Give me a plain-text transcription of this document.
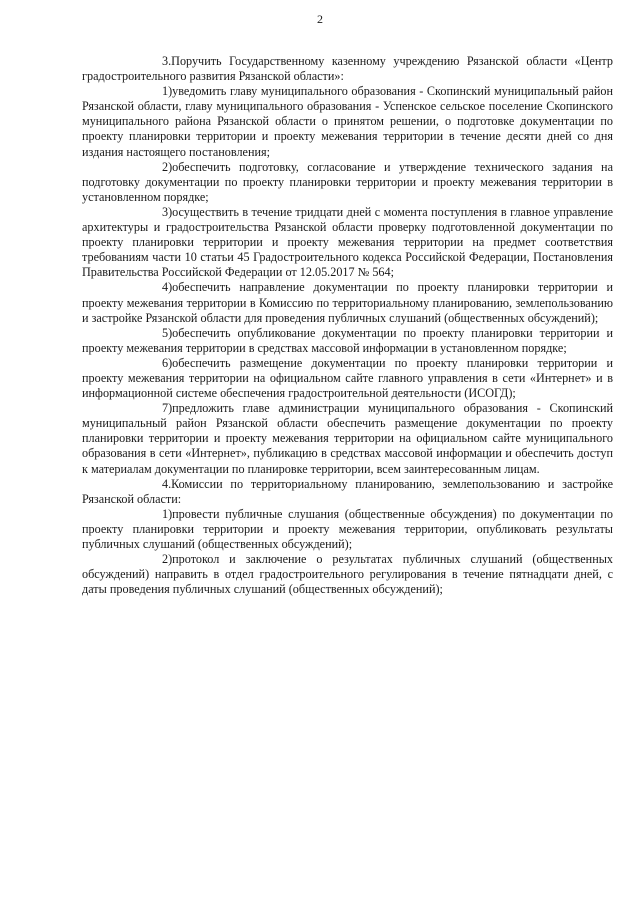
2

3.Поручить Государственному казенному учреждению Рязанской области «Центр градостроительного развития Рязанской области»:

1)уведомить главу муниципального образования - Скопинский муниципальный район Рязанской области, главу муниципального образования - Успенское сельское поселение Скопинского муниципального района Рязанской области о принятом решении, о подготовке документации по проекту планировки территории и проекту межевания территории в течение десяти дней со дня издания настоящего постановления;

2)обеспечить подготовку, согласование и утверждение технического задания на подготовку документации по проекту планировки территории и проекту межевания территории в установленном порядке;

3)осуществить в течение тридцати дней с момента поступления в главное управление архитектуры и градостроительства Рязанской области проверку подготовленной документации по проекту планировки территории и проекту межевания территории на предмет соответствия требованиям части 10 статьи 45 Градостроительного кодекса Российской Федерации, Постановления Правительства Российской Федерации от 12.05.2017 № 564;

4)обеспечить направление документации по проекту планировки территории и проекту межевания территории в Комиссию по территориальному планированию, землепользованию и застройке Рязанской области для проведения публичных слушаний (общественных обсуждений);

5)обеспечить опубликование документации по проекту планировки территории и проекту межевания территории в средствах массовой информации в установленном порядке;

6)обеспечить размещение документации по проекту планировки территории и проекту межевания территории на официальном сайте главного управления в сети «Интернет» и в информационной системе обеспечения градостроительной деятельности (ИСОГД);

7)предложить главе администрации муниципального образования - Скопинский муниципальный район Рязанской области обеспечить размещение документации по проекту планировки территории и проекту межевания территории на официальном сайте муниципального образования в сети «Интернет», публикацию в средствах массовой информации и обеспечить доступ к материалам документации по планировке территории, всем заинтересованным лицам.

4.Комиссии по территориальному планированию, землепользованию и застройке Рязанской области:

1)провести публичные слушания (общественные обсуждения) по документации по проекту планировки территории и проекту межевания территории, опубликовать результаты публичных слушаний (общественных обсуждений);

2)протокол и заключение о результатах публичных слушаний (общественных обсуждений) направить в отдел градостроительного регулирования в течение пятнадцати дней, с даты проведения публичных слушаний (общественных обсуждений);
